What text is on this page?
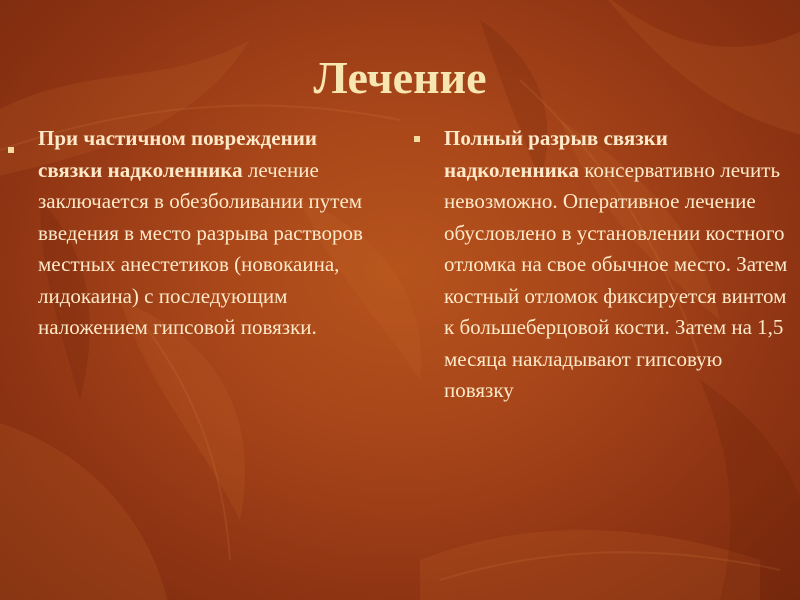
Лечение
При частичном повреждении связки надколенника лечение заключается в обезболивании путем введения в место разрыва растворов местных анестетиков (новокаина, лидокаина) с последующим наложением гипсовой повязки.
Полный разрыв связки надколенника консервативно лечить невозможно. Оперативное лечение обусловлено в установлении костного отломка на свое обычное место. Затем костный отломок фиксируется винтом к большеберцовой кости. Затем на 1,5 месяца накладывают гипсовую повязку
